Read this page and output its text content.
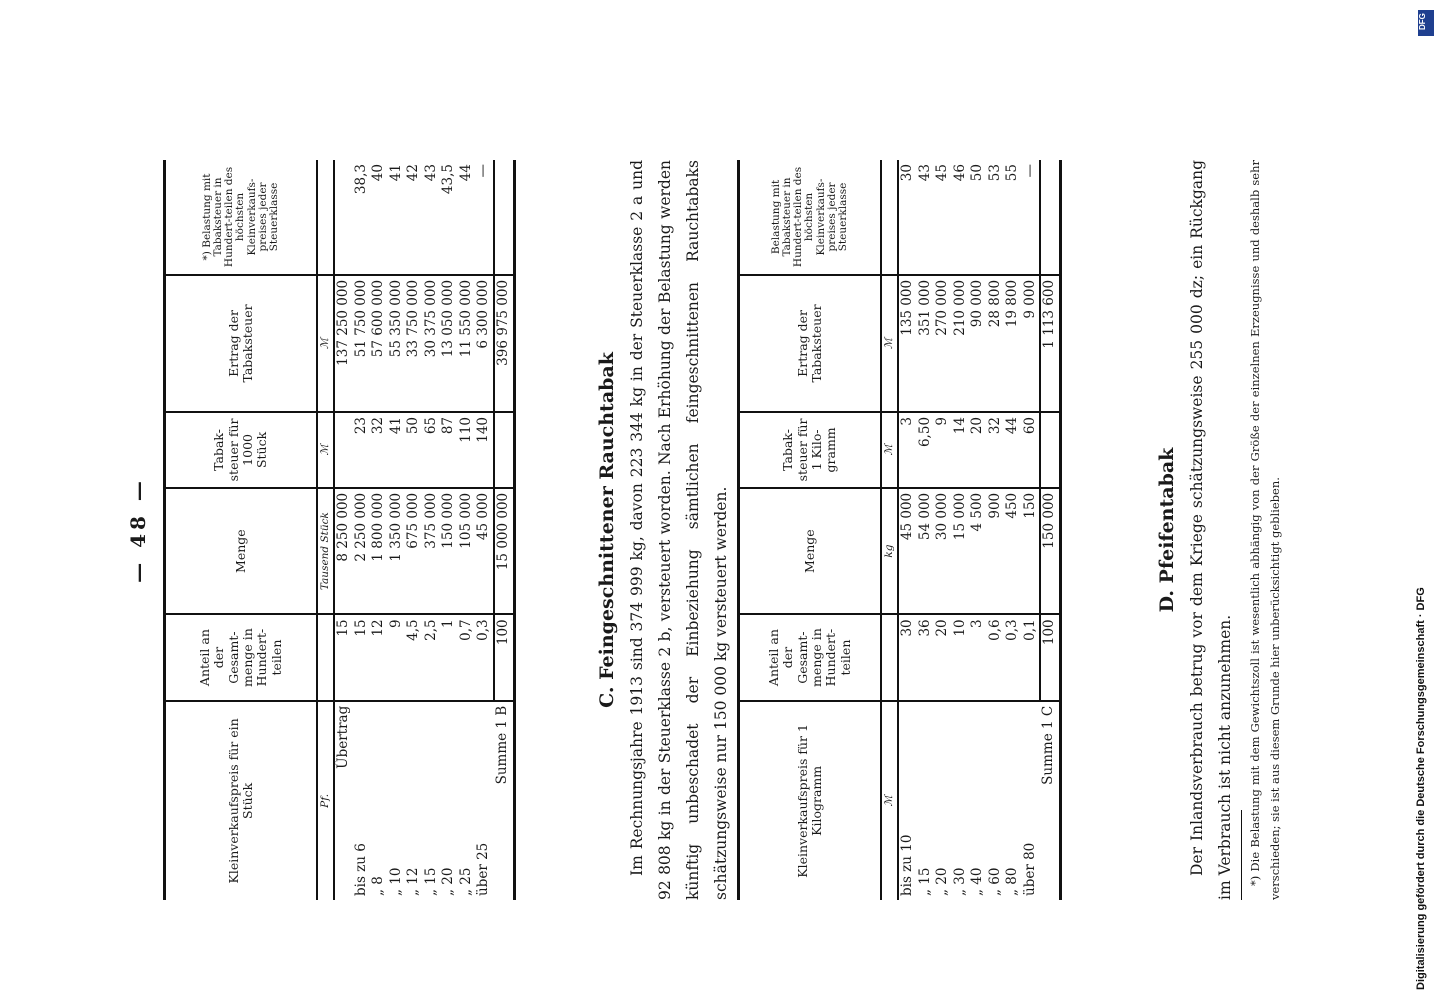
— 48 —
Kleinverkaufspreis für ein Stück	Anteil an der Gesamt-menge in Hundert-teilen	Menge	Tabak-steuer für 1000 Stück	Ertrag der Tabaksteuer	*) Belastung mit Tabaksteuer in Hundert-teilen des höchsten Kleinverkaufs-preises jeder Steuerklasse
Pf.		Tausend Stück	ℳ	ℳ	
Übertrag	15	8 250 000		137 250 000	
bis zu 6	15	2 250 000	23	51 750 000	38,3
„ 8	12	1 800 000	32	57 600 000	40
„ 10	9	1 350 000	41	55 350 000	41
„ 12	4,5	675 000	50	33 750 000	42
„ 15	2,5	375 000	65	30 375 000	43
„ 20	1	150 000	87	13 050 000	43,5
„ 25	0,7	105 000	110	11 550 000	44
über 25	0,3	45 000	140	6 300 000	—
Summe 1 B	100	15 000 000		396 975 000	
C. Feingeschnittener Rauchtabak Im Rechnungsjahre 1913 sind 374 999 kg, davon 223 344 kg in der Steuerklasse 2 a und 92 808 kg in der Steuerklasse 2 b, versteuert worden. Nach Erhöhung der Belastung werden künftig unbeschadet der Einbeziehung sämtlichen feingeschnittenen Rauchtabaks schätzungsweise nur 150 000 kg versteuert werden.	Kleinverkaufspreis für 1 Kilogramm	Anteil an der Gesamt-menge in Hundert-teilen	Menge	Tabak-steuer für 1 Kilo-gramm	Ertrag der Tabaksteuer	Belastung mit Tabaksteuer in Hundert-teilen des höchsten Kleinverkaufs-preises jeder Steuerklasse
ℳ		kg	ℳ	ℳ	
bis zu 10	30	45 000	3	135 000	30
„ 15	36	54 000	6,50	351 000	43
„ 20	20	30 000	9	270 000	45
„ 30	10	15 000	14	210 000	46
„ 40	3	4 500	20	90 000	50
„ 60	0,6	900	32	28 800	53
„ 80	0,3	450	44	19 800	55
über 80	0,1	150	60	9 000	—
Summe 1 C	100	150 000		1 113 600	
D. Pfeifentabak Der Inlandsverbrauch betrug vor dem Kriege schätzungsweise 255 000 dz; ein Rückgang im Verbrauch ist nicht anzunehmen.	*) Die Belastung mit dem Gewichtszoll ist wesentlich abhängig von der Größe der einzelnen Erzeugnisse und deshalb sehr verschieden; sie ist aus diesem Grunde hier unberücksichtigt geblieben.	Digitalisierung gefördert durch die Deutsche Forschungsgemeinschaft · DFG
DFG
